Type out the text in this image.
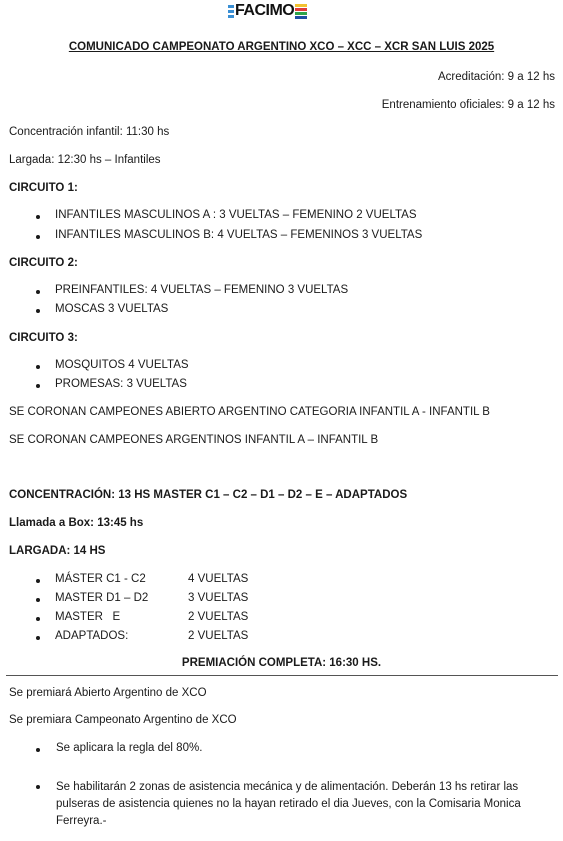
FACIMO
COMUNICADO CAMPEONATO ARGENTINO XCO – XCC – XCR SAN LUIS 2025
Acreditación: 9 a 12 hs
Entrenamiento oficiales: 9 a 12 hs
Concentración infantil: 11:30 hs
Largada: 12:30 hs – Infantiles
CIRCUITO 1:
INFANTILES MASCULINOS A : 3 VUELTAS – FEMENINO 2 VUELTAS
INFANTILES MASCULINOS B: 4 VUELTAS – FEMENINOS 3 VUELTAS
CIRCUITO 2:
PREINFANTILES: 4 VUELTAS – FEMENINO 3 VUELTAS
MOSCAS 3 VUELTAS
CIRCUITO 3:
MOSQUITOS 4 VUELTAS
PROMESAS: 3 VUELTAS
SE CORONAN CAMPEONES ABIERTO ARGENTINO CATEGORIA INFANTIL A - INFANTIL B
SE CORONAN CAMPEONES ARGENTINOS INFANTIL A – INFANTIL B
CONCENTRACIÓN: 13 HS MASTER C1 – C2 – D1 – D2 – E – ADAPTADOS
Llamada a Box: 13:45 hs
LARGADA: 14 HS
MÁSTER C1 - C2	4 VUELTAS
MASTER D1 – D2	3 VUELTAS
MASTER   E	2 VUELTAS
ADAPTADOS:	2 VUELTAS
PREMIACIÓN COMPLETA: 16:30 HS.
Se premiará Abierto Argentino de XCO
Se premiara Campeonato Argentino de XCO
Se aplicara la regla del 80%.
Se habilitarán 2 zonas de asistencia mecánica y de alimentación. Deberán 13 hs retirar las pulseras de asistencia quienes no la hayan retirado el dia Jueves, con la Comisaria Monica Ferreyra.-
